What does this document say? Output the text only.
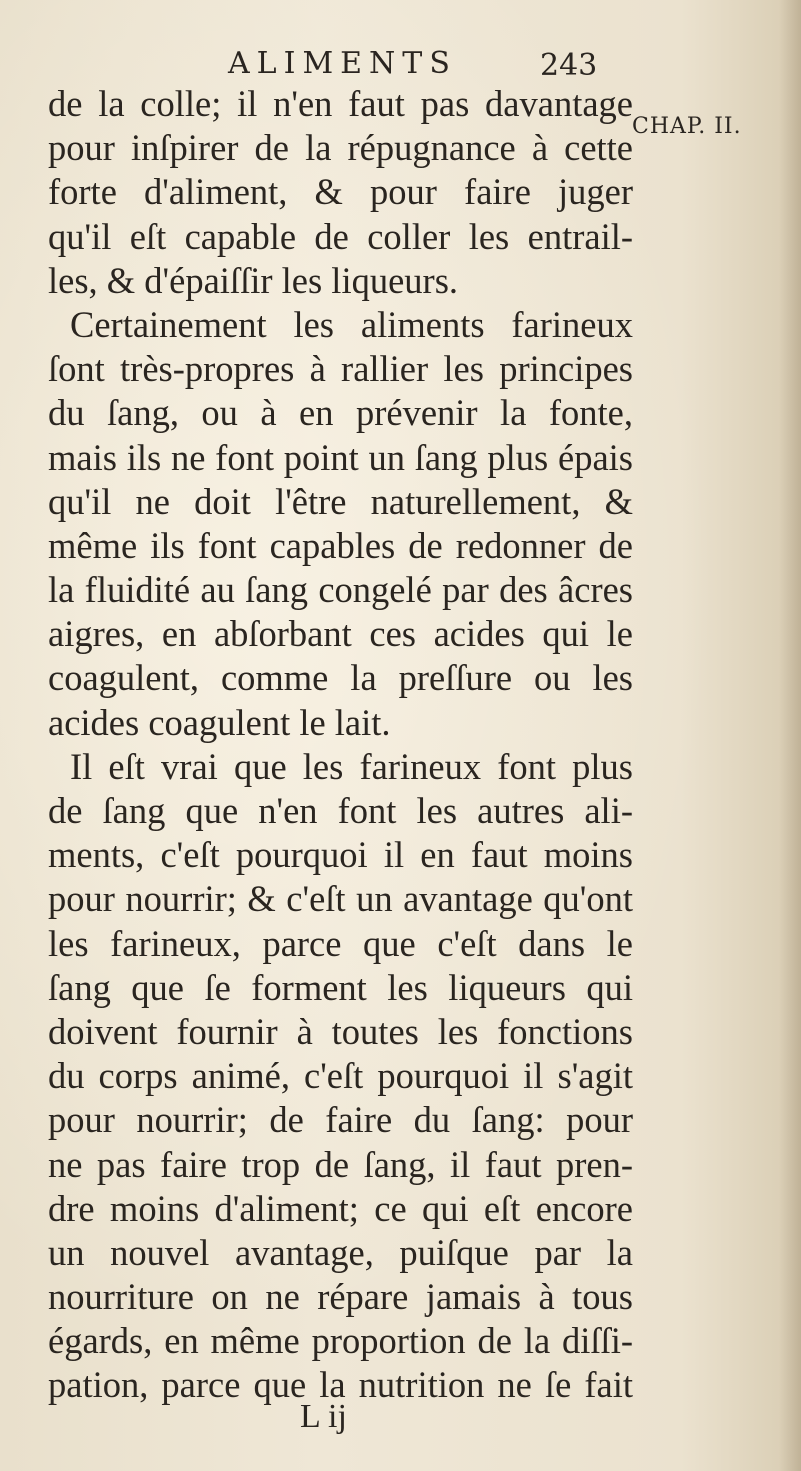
ALIMENTS	243
CHAP. II.
de la colle; il n'en faut pas davantage
pour inſpirer de la répugnance à cette
forte d'aliment, & pour faire juger
qu'il eſt capable de coller les entrail-
les, & d'épaiſſir les liqueurs.
Certainement les aliments farineux
ſont très-propres à rallier les principes
du ſang, ou à en prévenir la fonte,
mais ils ne font point un ſang plus épais
qu'il ne doit l'être naturellement, &
même ils font capables de redonner de
la fluidité au ſang congelé par des âcres
aigres, en abſorbant ces acides qui le
coagulent, comme la preſſure ou les
acides coagulent le lait.
Il eſt vrai que les farineux font plus
de ſang que n'en font les autres ali-
ments, c'eſt pourquoi il en faut moins
pour nourrir; & c'eſt un avantage qu'ont
les farineux, parce que c'eſt dans le
ſang que ſe forment les liqueurs qui
doivent fournir à toutes les fonctions
du corps animé, c'eſt pourquoi il s'agit
pour nourrir; de faire du ſang: pour
ne pas faire trop de ſang, il faut pren-
dre moins d'aliment; ce qui eſt encore
un nouvel avantage, puiſque par la
nourriture on ne répare jamais à tous
égards, en même proportion de la diſſi-
pation, parce que la nutrition ne ſe fait
L ij
